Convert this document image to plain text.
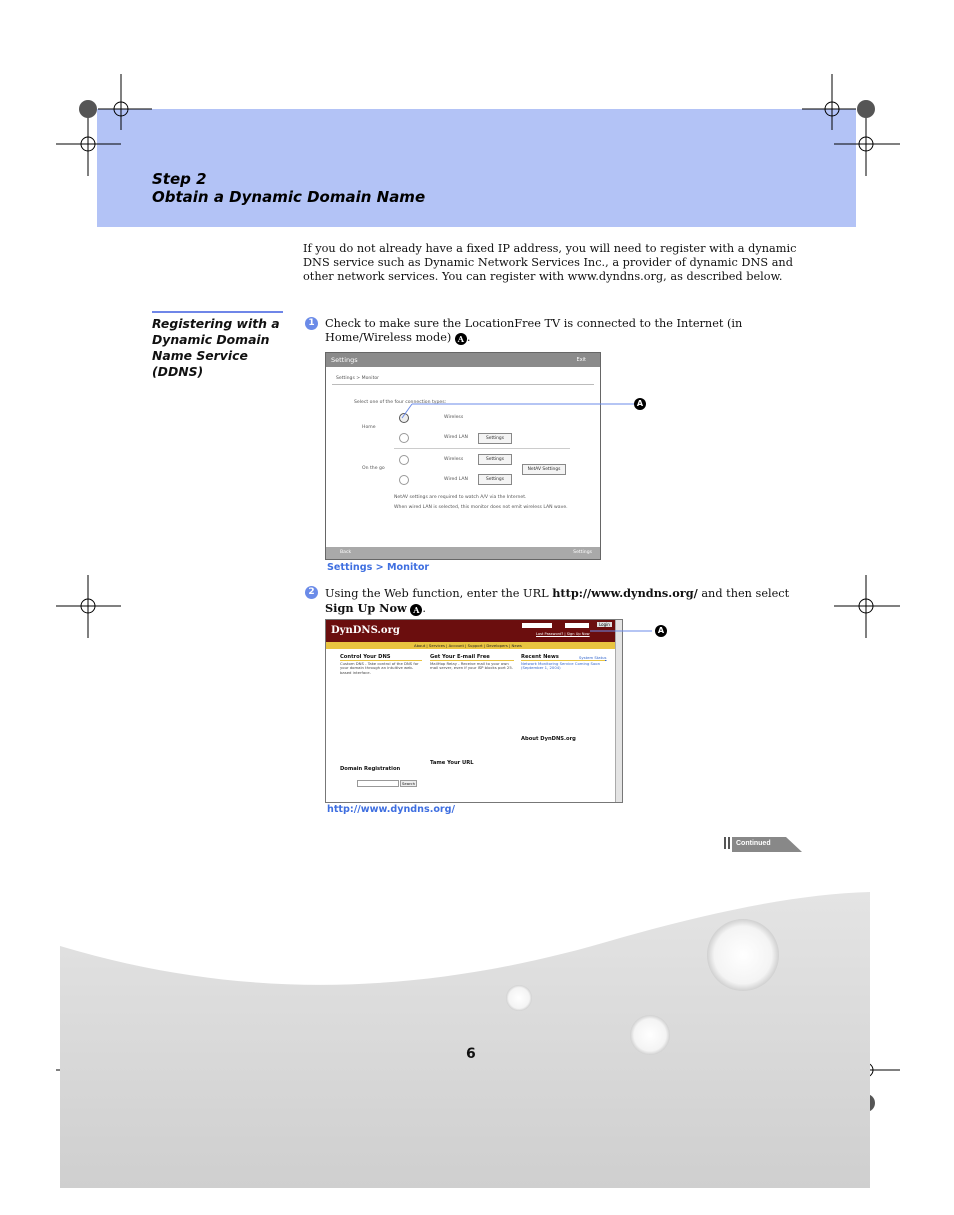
Step 2
Obtain a Dynamic Domain Name
If you do not already have a fixed IP address, you will need to register with a dynamic DNS service such as Dynamic Network Services Inc., a provider of dynamic DNS and other network services. You can register with www.dyndns.org, as described below.
Registering with a Dynamic Domain Name Service (DDNS)
1 Check to make sure the LocationFree TV is connected to the Internet (in Home/Wireless mode) A .
Settings	Exit
Settings > Monitor
Select one of the four connection types:
Home
On the go
Wireless
Wired LAN
Wireless
Wired LAN
Settings
Settings
Settings
NetAV Settings
NetAV settings are required to watch A/V via the Internet.
When wired LAN is selected, this monitor does not emit wireless LAN wave.
Back	Settings
A
Settings > Monitor
2 Using the Web function, enter the URL http://www.dyndns.org/ and then select Sign Up Now A .
DynDNS.org
Login
Lost Password? | Sign Up Now
About | Services | Account | Support | Developers | News
Control Your DNS
Custom DNS - Take control of the DNS for your domain through an intuitive web-based interface.
Domain Registration
Search
Get Your E-mail Free
MailHop Relay - Receive mail to your own mail server, even if your ISP blocks port 25.
Tame Your URL
Recent News	System Status
Network Monitoring Service Coming Soon (September 1, 2004)
About DynDNS.org
A
http://www.dyndns.org/
Continued
6
